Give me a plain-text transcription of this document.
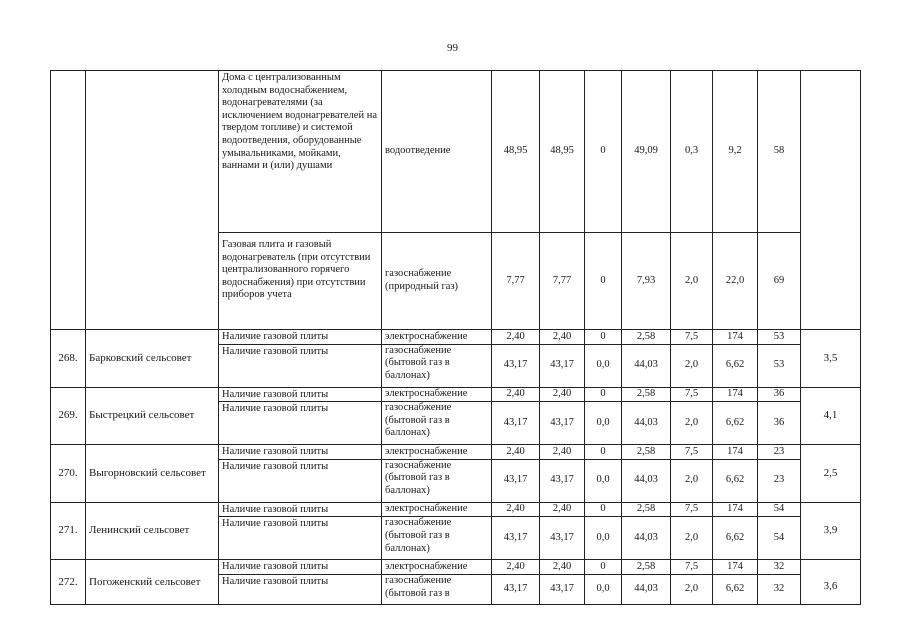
99
		Дома с централизованным холодным водоснабжением, водонагревателями (за исключением водонагревателей на твердом топливе) и системой водоотведения, оборудованные умывальниками, мойками, ваннами и (или) душами	водоотведение	48,95	48,95	0	49,09	0,3	9,2	58	
		Газовая плита и газовый водонагреватель (при отсутствии централизованного горячего водоснабжения) при отсутствии приборов учета	газоснабжение (природный газ)	7,77	7,77	0	7,93	2,0	22,0	69	
268.	Барковский сельсовет	Наличие газовой плиты	электроснабжение	2,40	2,40	0	2,58	7,5	174	53	3,5
		Наличие газовой плиты	газоснабжение (бытовой газ в баллонах)	43,17	43,17	0,0	44,03	2,0	6,62	53	
269.	Быстрецкий сельсовет	Наличие газовой плиты	электроснабжение	2,40	2,40	0	2,58	7,5	174	36	4,1
		Наличие газовой плиты	газоснабжение (бытовой газ в баллонах)	43,17	43,17	0,0	44,03	2,0	6,62	36	
270.	Выгорновский сельсовет	Наличие газовой плиты	электроснабжение	2,40	2,40	0	2,58	7,5	174	23	2,5
		Наличие газовой плиты	газоснабжение (бытовой газ в баллонах)	43,17	43,17	0,0	44,03	2,0	6,62	23	
271.	Ленинский сельсовет	Наличие газовой плиты	электроснабжение	2,40	2,40	0	2,58	7,5	174	54	3,9
		Наличие газовой плиты	газоснабжение (бытовой газ в баллонах)	43,17	43,17	0,0	44,03	2,0	6,62	54	
272.	Погоженский сельсовет	Наличие газовой плиты	электроснабжение	2,40	2,40	0	2,58	7,5	174	32	3,6
		Наличие газовой плиты	газоснабжение (бытовой газ в	43,17	43,17	0,0	44,03	2,0	6,62	32	
